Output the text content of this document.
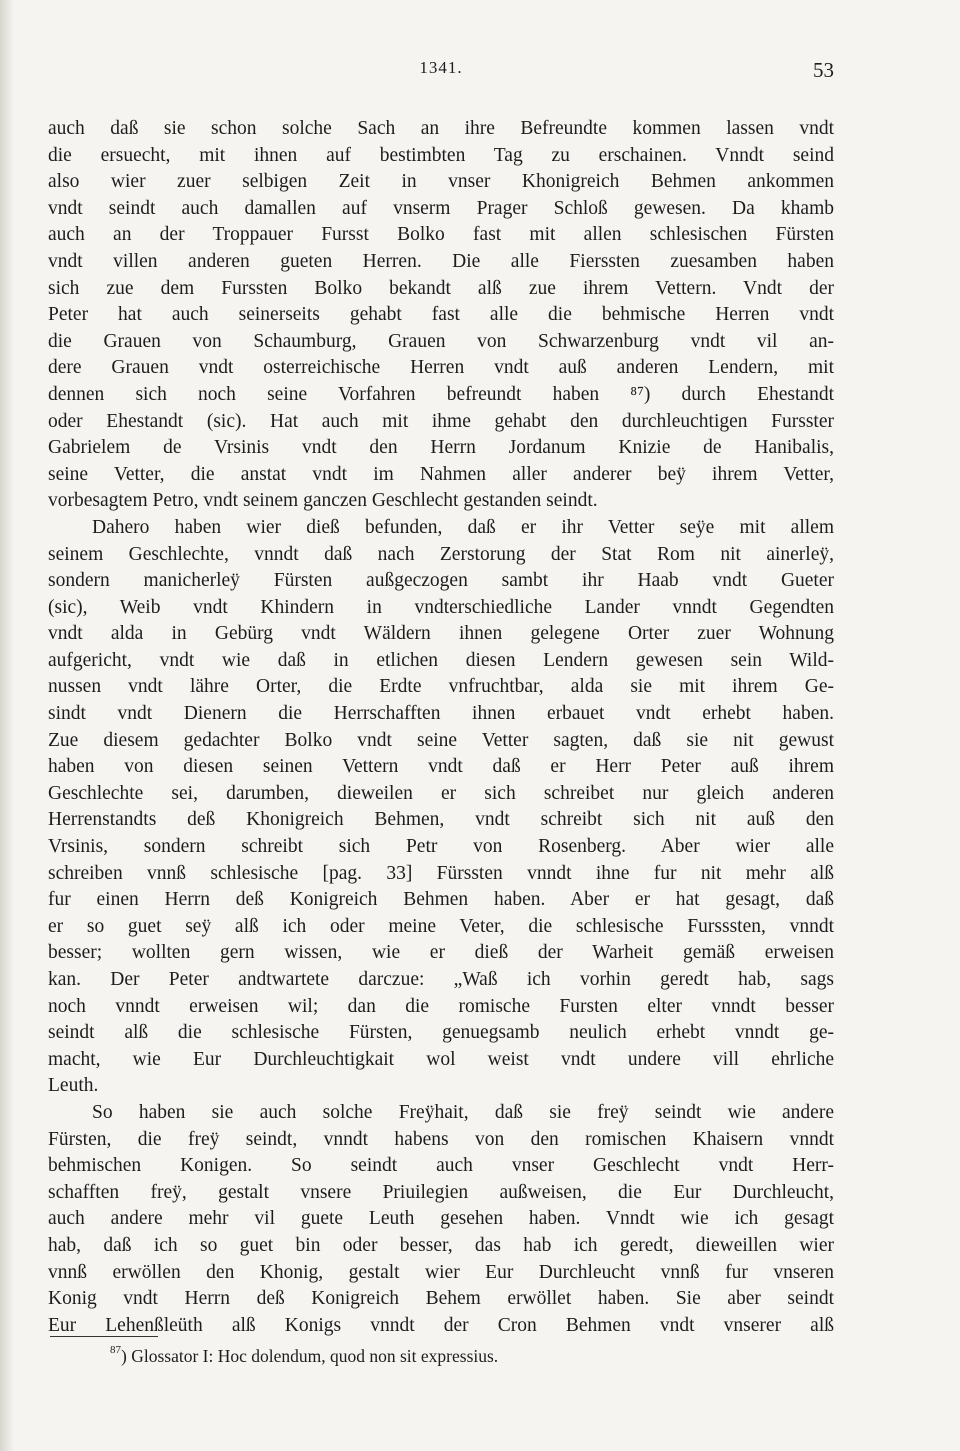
1341.	53
auch daß sie schon solche Sach an ihre Befreundte kommen lassen vndt
die ersuecht, mit ihnen auf bestimbten Tag zu erschainen. Vnndt seind
also wier zuer selbigen Zeit in vnser Khonigreich Behmen ankommen
vndt seindt auch damallen auf vnserm Prager Schloß gewesen. Da khamb
auch an der Troppauer Fursst Bolko fast mit allen schlesischen Fürsten
vndt villen anderen gueten Herren. Die alle Fierssten zuesamben haben
sich zue dem Furssten Bolko bekandt alß zue ihrem Vettern. Vndt der
Peter hat auch seinerseits gehabt fast alle die behmische Herren vndt
die Grauen von Schaumburg, Grauen von Schwarzenburg vndt vil an-
dere Grauen vndt osterreichische Herren vndt auß anderen Lendern, mit
dennen sich noch seine Vorfahren befreundt haben ⁸⁷) durch Ehestandt
oder Ehestandt (sic). Hat auch mit ihme gehabt den durchleuchtigen Fursster
Gabrielem de Vrsinis vndt den Herrn Jordanum Knizie de Hanibalis,
seine Vetter, die anstat vndt im Nahmen aller anderer beÿ ihrem Vetter,
vorbesagtem Petro, vndt seinem ganczen Geschlecht gestanden seindt.
Dahero haben wier dieß befunden, daß er ihr Vetter seÿe mit allem
seinem Geschlechte, vnndt daß nach Zerstorung der Stat Rom nit ainerleÿ,
sondern manicherleÿ Fürsten außgeczogen sambt ihr Haab vndt Gueter
(sic), Weib vndt Khindern in vndterschiedliche Lander vnndt Gegendten
vndt alda in Gebürg vndt Wäldern ihnen gelegene Orter zuer Wohnung
aufgericht, vndt wie daß in etlichen diesen Lendern gewesen sein Wild-
nussen vndt lähre Orter, die Erdte vnfruchtbar, alda sie mit ihrem Ge-
sindt vndt Dienern die Herrschafften ihnen erbauet vndt erhebt haben.
Zue diesem gedachter Bolko vndt seine Vetter sagten, daß sie nit gewust
haben von diesen seinen Vettern vndt daß er Herr Peter auß ihrem
Geschlechte sei, darumben, dieweilen er sich schreibet nur gleich anderen
Herrenstandts deß Khonigreich Behmen, vndt schreibt sich nit auß den
Vrsinis, sondern schreibt sich Petr von Rosenberg. Aber wier alle
schreiben vnnß schlesische [pag. 33] Fürssten vnndt ihne fur nit mehr alß
fur einen Herrn deß Konigreich Behmen haben. Aber er hat gesagt, daß
er so guet seÿ alß ich oder meine Veter, die schlesische Fursssten, vnndt
besser; wollten gern wissen, wie er dieß der Warheit gemäß erweisen
kan. Der Peter andtwartete darczue: „Waß ich vorhin geredt hab, sags
noch vnndt erweisen wil; dan die romische Fursten elter vnndt besser
seindt alß die schlesische Fürsten, genuegsamb neulich erhebt vnndt ge-
macht, wie Eur Durchleuchtigkait wol weist vndt undere vill ehrliche
Leuth.
So haben sie auch solche Freÿhait, daß sie freÿ seindt wie andere
Fürsten, die freÿ seindt, vnndt habens von den romischen Khaisern vnndt
behmischen Konigen. So seindt auch vnser Geschlecht vndt Herr-
schafften freÿ, gestalt vnsere Priuilegien außweisen, die Eur Durchleucht,
auch andere mehr vil guete Leuth gesehen haben. Vnndt wie ich gesagt
hab, daß ich so guet bin oder besser, das hab ich geredt, dieweillen wier
vnnß erwöllen den Khonig, gestalt wier Eur Durchleucht vnnß fur vnseren
Konig vndt Herrn deß Konigreich Behem erwöllet haben. Sie aber seindt
Eur Lehenßleüth alß Konigs vnndt der Cron Behmen vndt vnserer alß
$^{87}$) Glossator I: Hoc dolendum, quod non sit expressius.
